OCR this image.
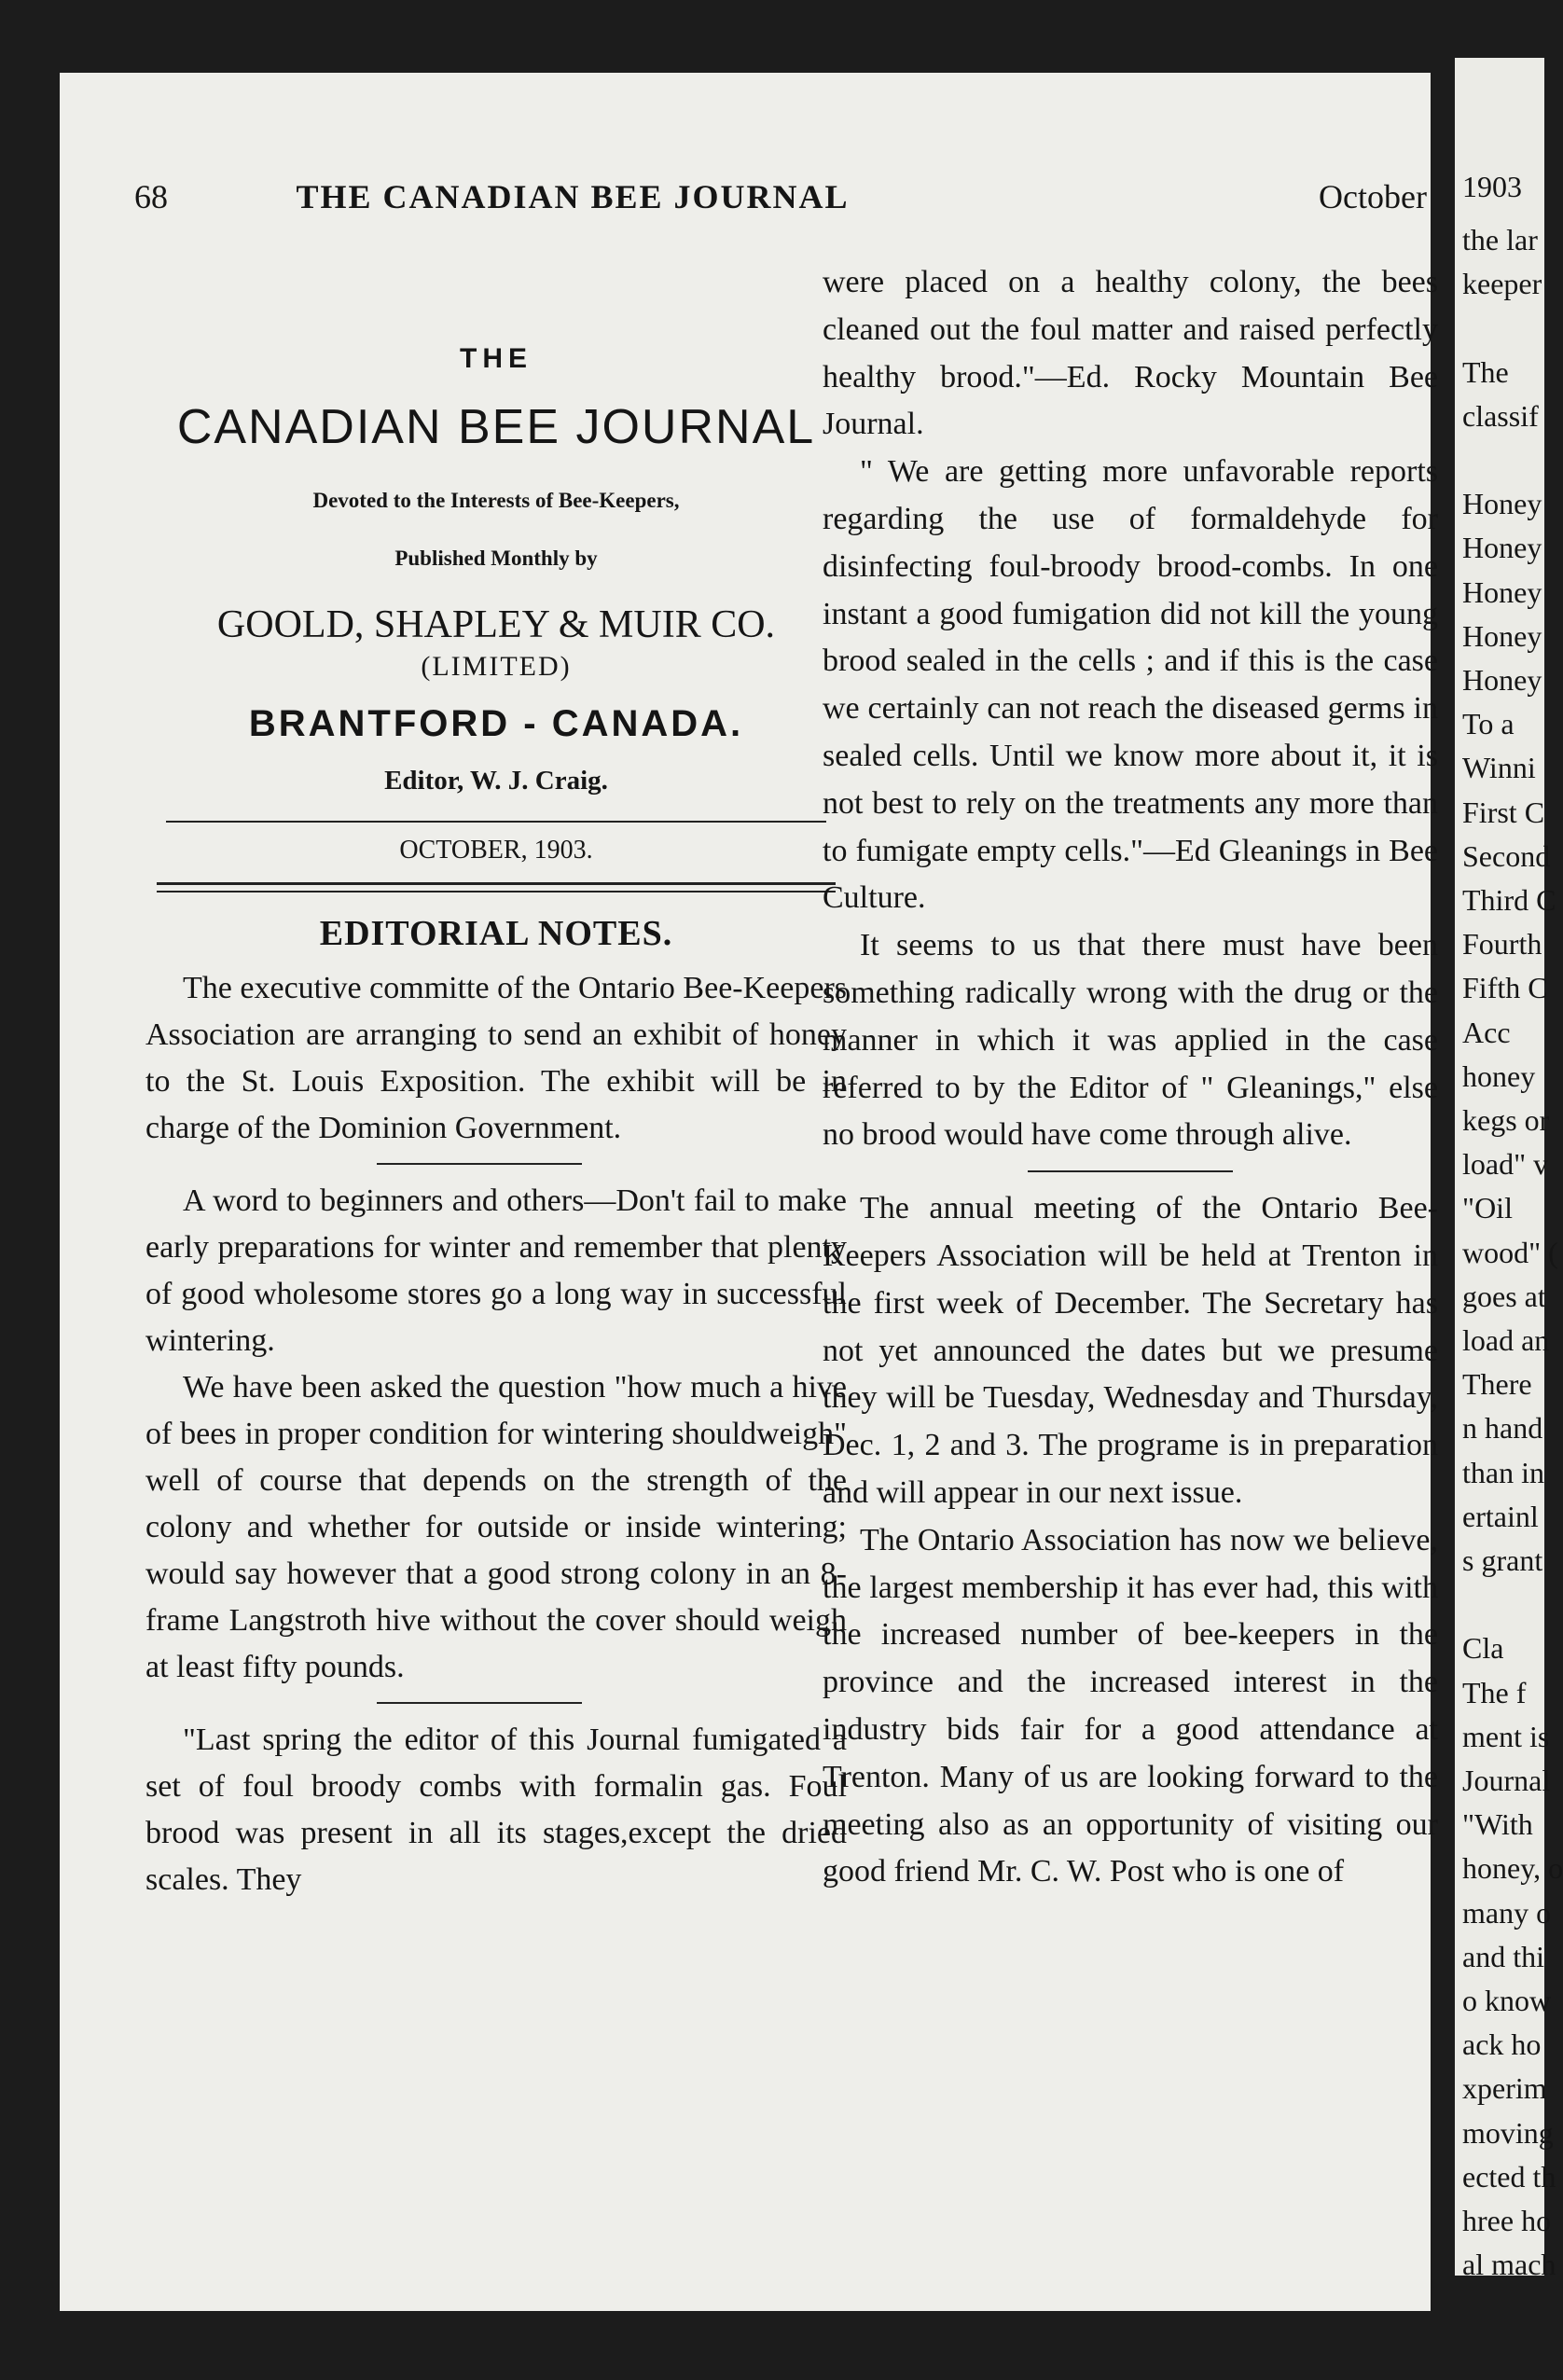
68	THE CANADIAN BEE JOURNAL	October
THE
CANADIAN BEE JOURNAL
Devoted to the Interests of Bee-Keepers,
Published Monthly by
GOOLD, SHAPLEY & MUIR CO.
(LIMITED)
BRANTFORD - CANADA.
Editor, W. J. Craig.
OCTOBER, 1903.
EDITORIAL NOTES.

The executive committe of the Ontario Bee-Keepers Association are arranging to send an exhibit of honey to the St. Louis Exposition. The exhibit will be in charge of the Dominion Government.

A word to beginners and others—Don't fail to make early preparations for winter and remember that plenty of good wholesome stores go a long way in successful wintering.

We have been asked the question "how much a hive of bees in proper condition for wintering shouldweigh" well of course that depends on the strength of the colony and whether for outside or inside wintering; would say however that a good strong colony in an 8-frame Langstroth hive without the cover should weigh at least fifty pounds.

"Last spring the editor of this Journal fumigated a set of foul broody combs with formalin gas. Foul brood was present in all its stages,except the dried scales. They

were placed on a healthy colony, the bees cleaned out the foul matter and raised perfectly healthy brood."—Ed. Rocky Mountain Bee Journal.

" We are getting more unfavorable reports regarding the use of formaldehyde for disinfecting foul-broody brood-combs. In one instant a good fumigation did not kill the young brood sealed in the cells ; and if this is the case we certainly can not reach the diseased germs in sealed cells. Until we know more about it, it is not best to rely on the treatments any more than to fumigate empty cells."—Ed Gleanings in Bee Culture.

It seems to us that there must have been something radically wrong with the drug or the manner in which it was applied in the case referred to by the Editor of " Gleanings," else no brood would have come through alive.

The annual meeting of the Ontario Bee-Keepers Association will be held at Trenton in the first week of December. The Secretary has not yet announced the dates but we presume they will be Tuesday, Wednesday and Thursday, Dec. 1, 2 and 3. The programe is in preparation and will appear in our next issue.

The Ontario Association has now we believe, the largest membership it has ever had, this with the increased number of bee-keepers in the province and the increased interest in the industry bids fair for a good attendance at Trenton. Many of us are looking forward to the meeting also as an opportunity of visiting our good friend Mr. C. W. Post who is one of

1903
the lar
keeper
The
classif
Honey
Honey
Honey
Honey
Honey
To a
Winni
First C
Second
Third C
Fourth
Fifth C
Acc
honey
kegs or
load" v
"Oil
wood" (
goes at
load an
There
n hand
than in
ertainl
s grant
Cla
The f
ment is
Journal
"With
honey, o
many o
and thi
o know
ack ho
xperim
moving
ected th
hree ho
al mach
